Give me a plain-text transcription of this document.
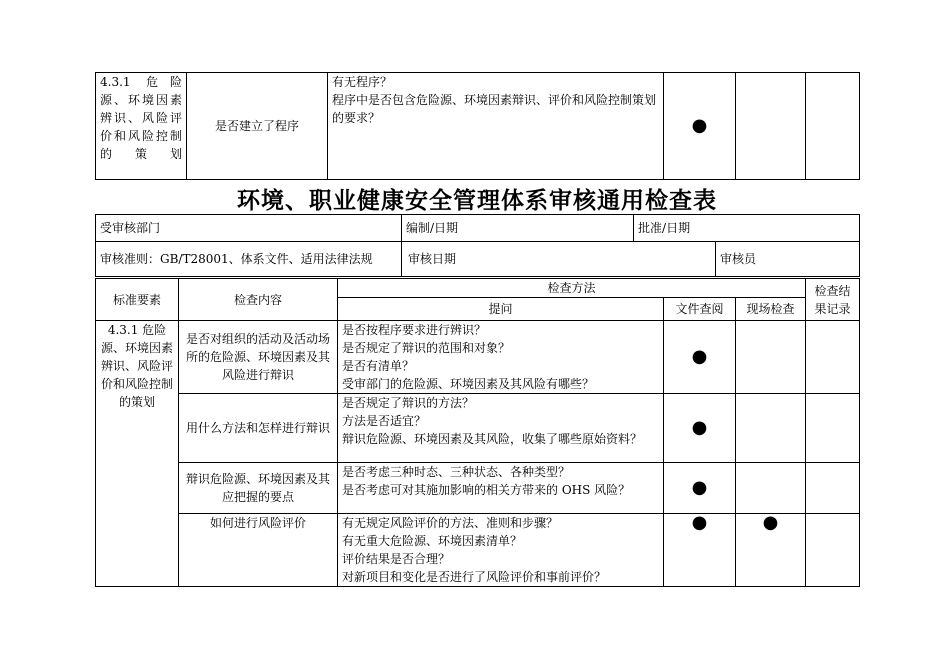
4.3.1 危险源、环境因素辨识、风险评价和风险控制的策划	是否建立了程序	
有无程序？
程序中是否包含危险源、环境因素辩识、评价和风险控制策划的要求？	●		
环境、职业健康安全管理体系审核通用检查表
受审核部门	编制/日期	批准/日期	
审核准则：GB/T28001、体系文件、适用法律法规	审核日期		审核员
标准要素	检查内容	检查方法			检查结果记录
		提问	文件查阅	现场检查	
4.3.1 危险源、环境因素辨识、风险评价和风险控制的策划	是否对组织的活动及活动场所的危险源、环境因素及其风险进行辩识	是否按程序要求进行辨识？
是否规定了辩识的范围和对象？
是否有清单？
受审部门的危险源、环境因素及其风险有哪些？	●		
	用什么方法和怎样进行辩识	是否规定了辩识的方法？
方法是否适宜？
辩识危险源、环境因素及其风险，收集了哪些原始资料？	●		
	辩识危险源、环境因素及其应把握的要点	是否考虑三种时态、三种状态、各种类型？
是否考虑可对其施加影响的相关方带来的 OHS 风险？	●		
	如何进行风险评价	有无规定风险评价的方法、准则和步骤？
有无重大危险源、环境因素清单？
评价结果是否合理？
对新项目和变化是否进行了风险评价和事前评价？	●	●	
